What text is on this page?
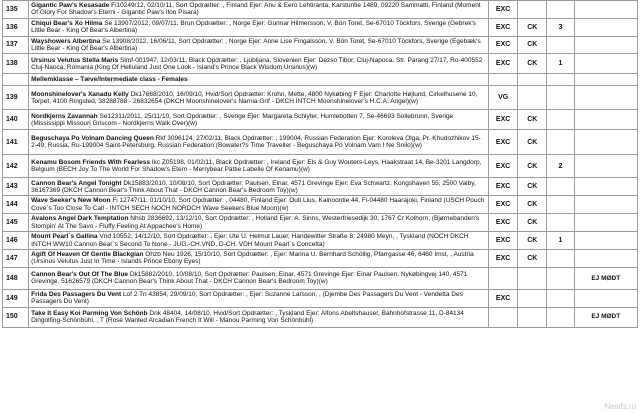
135	Gigantic Paw's Kesasade Fi10249/12, 02/10/11, Sort Opdrætter: , Finland Ejer: Anu & Eero Lehtiranta, Karstuntie 1489, 09220 Sammatti, Finland (Moment Of Glory For Shadow's Eterni - Gigantic Paw's Ilon Pisara)	EXC			
136	Chiqui Bear's Xo Hilma Se 13907/2012, 09/07/11, Brun Opdrætter: , Norge Ejer: Gunnar Hilmersson, V. Bön Toret, Se-67010 Töckfors, Sverige (Gebrek's Little Bear - King Of Bear's Albertina)	EXC	CK	3	
137	Wayshowers Albertina Se 13908/2012, 16/06/11, Sort Opdrætter: , Norge Ejer: Anne Lise Fingalsson, V. Bön Toret, Se-67010 Töckfors, Sverige (Egebæk's Little Bear - King Of Bear's Albertina)	EXC	CK		
138	Ursinus Velutus Stella Maris Slmf-001947, 12/03/11, Black Opdrætter: , Ljubljana, Slovenien Ejer: Dezso Tibor, Cluj-Napoca, Str. Parang 27/17, Ro-400552 Cluj-Naoca, Romania (King Of Helluland Just One Look - Island's Prince Black Wisdom Ursinus)(w)	EXC	CK	1	
	Mellemklasse – Tæve/Intermediate class - Females				
139	Moonshinelover's Xanadu Kelly Dk17668/2010, 16/09/10, Hvid/Sort Opdrætter: Krohn, Mette, 4800 Nykøbing F Ejer: Charlotte Højlund, Cirkelhusene 10, Torpet, 4100 Ringsted, 38288788 - 26832654 (DKCH Moonshinelover's Narnia Grif - DKCH INTCH Moonshinelover's H.C.A. Angel)(w)	VG			
140	Nordkjerns Zavannah Se12311/2011, 25/11/10, Sort Opdrætter: , Sverige Ejer: Margareta Schlyter, Humlebotten 7, Se-46693 Sollebrunn, Sverige (Mississippi Missouri Griscom - Nordkjerns Walk Over)(w)	EXC	CK		
141	Beguschaya Po Volnam Dancing Queen Rkf 3096124, 27/02/11, Black Opdrætter: , 199004, Russian Federation Ejer: Koroleva Olga, Pr. Khudozhikov 15-2-49, Russia, Ru-199004 Saint-Petersburg, Russian Federation (Bowater?s Time Traveller - Beguschaya Po Volnam Vam I Ne Snilo)(w)	EXC	CK		
142	Kenamu Bosom Friends With Fearless Ikc Z05198, 01/02/11, Black Opdrætter: , Ireland Ejer: Els & Guy Wouters-Leys, Haakstraat 14, Be-3201 Langdorp, Belgium (BECH Joy To The World For Shadow's Etern - Merrybear Pattie Labelle Of Kenamu)(w)	EXC	CK	2	
143	Cannon Bear's Angel Tonight Dk15883/2010, 10/08/10, Sort Opdrætter: Paulsen, Einar, 4571 Grevinge Ejer: Eva Schwartz, Kongshaven 55, 2500 Valby, 36167369 (DKCH Cannon Bear's Think About That - DKCH Cannon Bear's Bedroom Toy)(w)	EXC	CK		
144	Wave Seeker's New Moon Fi 12747/11, 01/10/10, Sort Opdrætter: , 04480, Finland Ejer: Outi Lius, Kainoontie 44, Fi-04480 Haarajoki, Finland (USCH Pouch Cove`s Too Close To Call - INTCH SECH NOCH NORDCH Wave Seekers Blue Moon)(w)	EXC	CK		
145	Avalons Angel Dark Temptation Nhsb 2836692, 13/12/10, Sort Opdrætter: , Holland Ejer: A. Sinns, Westerfriesedijk 30, 1767 Cr Kolhorn, (Bjørnebanden's Stompin' At The Savo - Fluffy Feeling At Appachee's Home)	EXC	CK		
146	Mount Pearl`s Gallina Vnd 10552, 14/12/10, Sort Opdrætter: , Ejer: Ute U. Helmut Lauer, Handewitter Straße 8, 24980 Meyn, , Tyskland (NOCH DKCH INTCH WW10 Cannon Bear`s Second To None - JUG.-CH.VND, D-CH. VDH Mount Pearl`s Concetta)	EXC	CK	1	
147	Agift Of Heaven Of Gentle Blackgian Ohzb Neu 1926, 15/10/10, Sort Opdrætter: , Ejer: Marina U. Bernhard Schöllig, Pfarrgasse 46, 6460 Imst, , Austria (Ursinus Velutus Just In Time - Islands Prince Ebony Eyes)	EXC	CK		
148	Cannon Bear's Out Of The Blue Dk15882/2010, 10/08/10, Sort Opdrætter: Paulsen, Einar, 4571 Grevinge Ejer: Einar Paulsen, Nykøbingvej 140, 4571 Grevinge, 51626579 (DKCH Cannon Bear's Think About That - DKCH Cannon Bear's Bedroom Toy)(w)				EJ MØDT
149	Frida Des Passagers Du Vent Lof 2 Tn 43854, 29/09/10, Sort Opdrætter: , Ejer: Suzanne Larsson, , (Djembe Des Passagers Du Vent - Vendetta Des Passagers Du Vent)	EXC			
150	Take It Easy Koi Parming Von Schönb Dnk 48404, 14/08/10, Hvid/Sort Opdrætter: , Tyskland Ejer: Alfons Abeltshauser, Bahnhofstrasse 11, D-84134 Dingolfing-Schönbühl, , T (Rose Wanted Arcadian French It Will - Manou Parming Von Schönbühl)				EJ MØDT
Newfs.ru
